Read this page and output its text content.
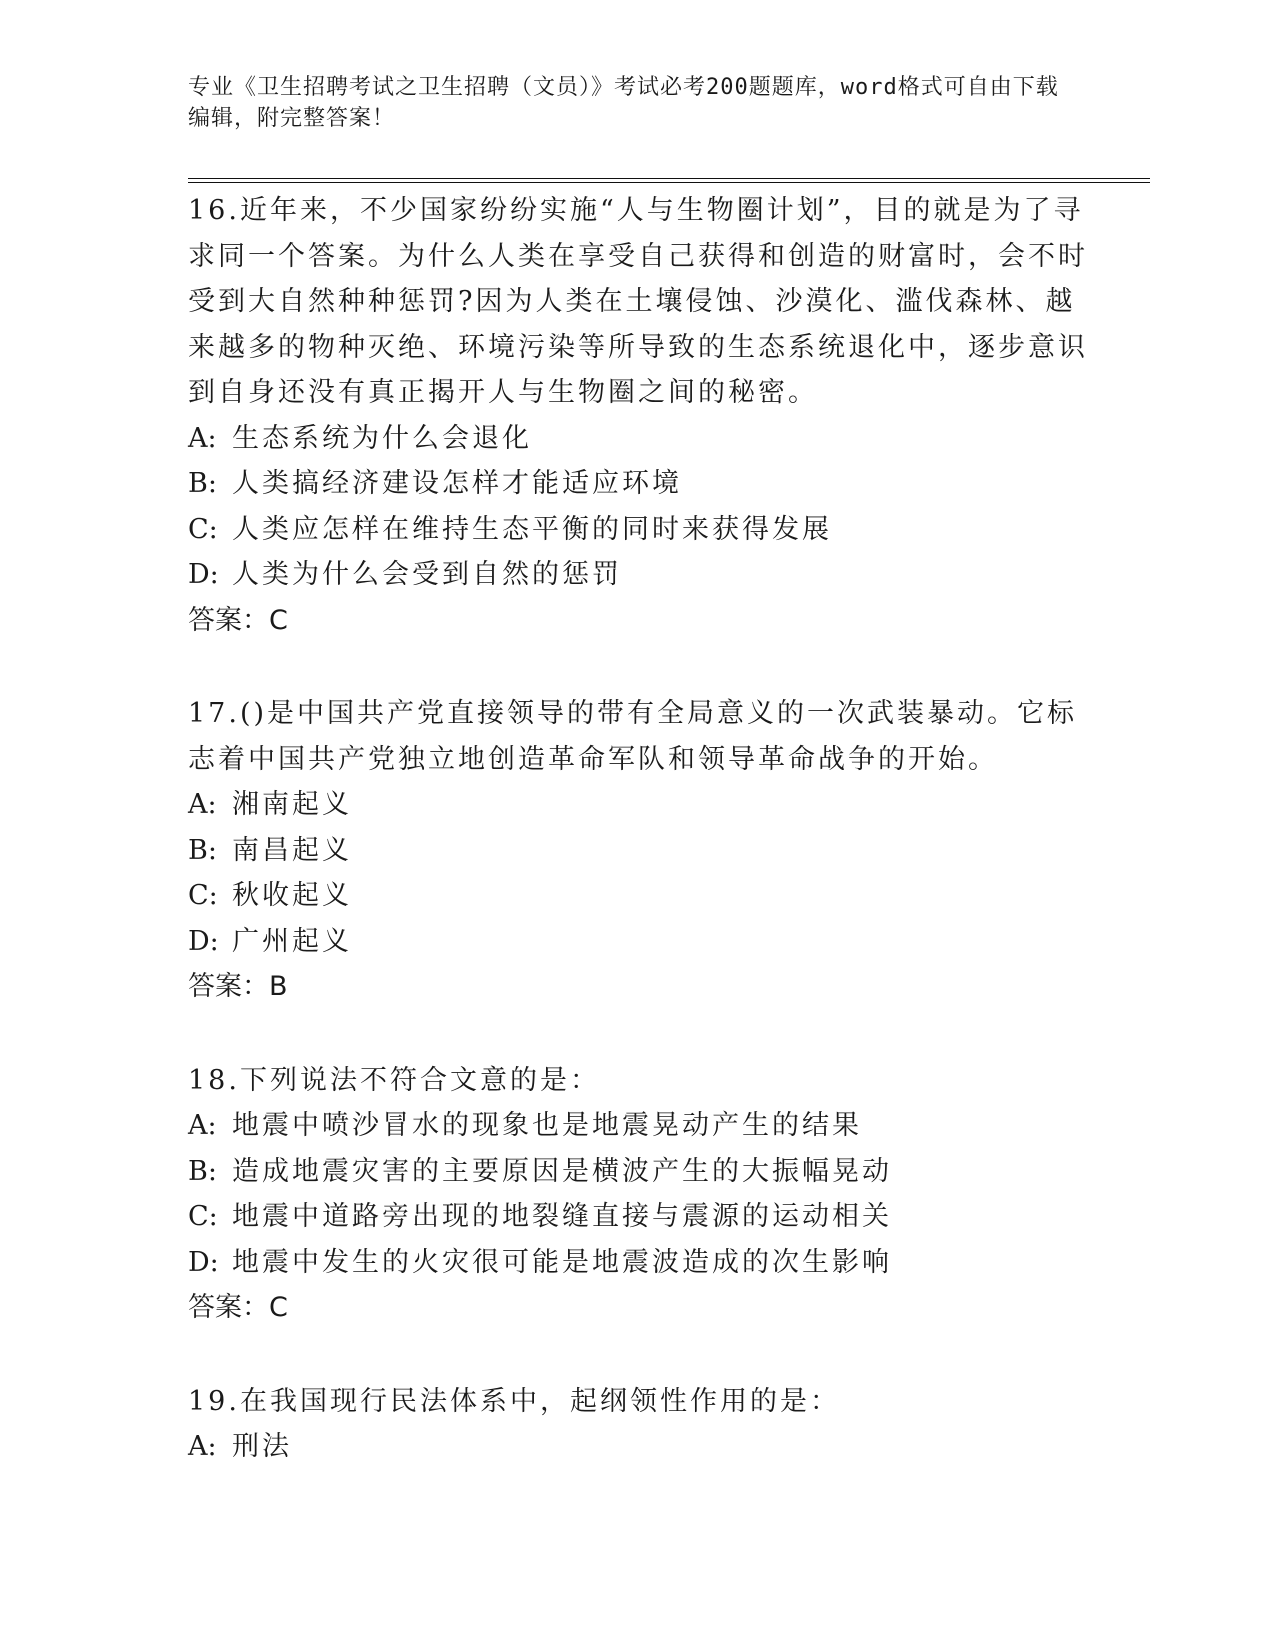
专业《卫生招聘考试之卫生招聘（文员）》考试必考200题题库，word格式可自由下载编辑，附完整答案！

16.近年来，不少国家纷纷实施“人与生物圈计划”，目的就是为了寻求同一个答案。为什么人类在享受自己获得和创造的财富时，会不时受到大自然种种惩罚?因为人类在土壤侵蚀、沙漠化、滥伐森林、越来越多的物种灭绝、环境污染等所导致的生态系统退化中，逐步意识到自身还没有真正揭开人与生物圈之间的秘密。

A: 生态系统为什么会退化
B: 人类搞经济建设怎样才能适应环境
C: 人类应怎样在维持生态平衡的同时来获得发展
D: 人类为什么会受到自然的惩罚
答案： C

17.()是中国共产党直接领导的带有全局意义的一次武装暴动。它标志着中国共产党独立地创造革命军队和领导革命战争的开始。

A: 湘南起义
B: 南昌起义
C: 秋收起义
D: 广州起义
答案： B

18.下列说法不符合文意的是：

A: 地震中喷沙冒水的现象也是地震晃动产生的结果
B: 造成地震灾害的主要原因是横波产生的大振幅晃动
C: 地震中道路旁出现的地裂缝直接与震源的运动相关
D: 地震中发生的火灾很可能是地震波造成的次生影响
答案： C

19.在我国现行民法体系中，起纲领性作用的是：

A: 刑法
